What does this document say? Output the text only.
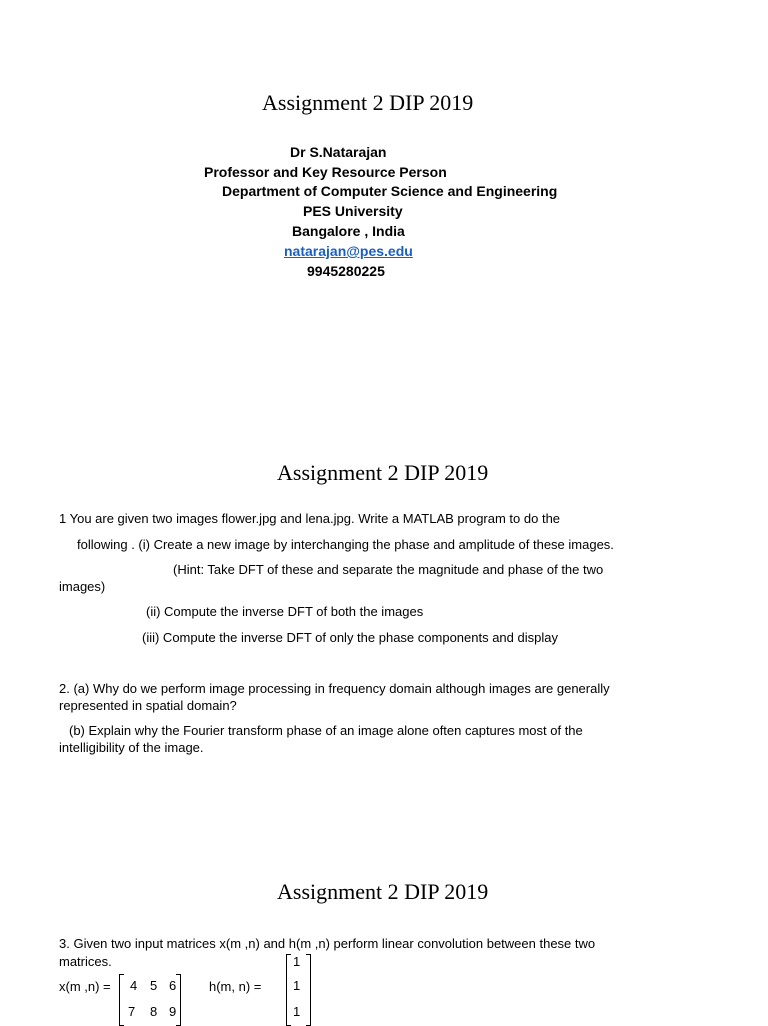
Assignment 2 DIP 2019
Dr S.Natarajan
Professor and Key Resource Person
Department of Computer Science and Engineering
PES University
Bangalore , India
natarajan@pes.edu
9945280225
Assignment 2 DIP 2019
1 You are given two images flower.jpg and lena.jpg. Write a MATLAB program to do the
following . (i) Create a new image by interchanging the phase and amplitude of these images.
(Hint: Take DFT of these and separate the magnitude and phase of the two
images)
(ii) Compute the inverse DFT of both the images
(iii) Compute the inverse DFT of only the phase components and display
2. (a) Why do we perform image processing in frequency domain although images are generally
represented in spatial domain?
(b) Explain why the Fourier transform phase of an image alone often captures most of the
intelligibility of the image.
Assignment 2 DIP 2019
3. Given two input matrices x(m ,n) and h(m ,n) perform linear convolution between these two
matrices.
x(m ,n) = 4 5 6
7 8 9
h(m, n) =
1
1
1
